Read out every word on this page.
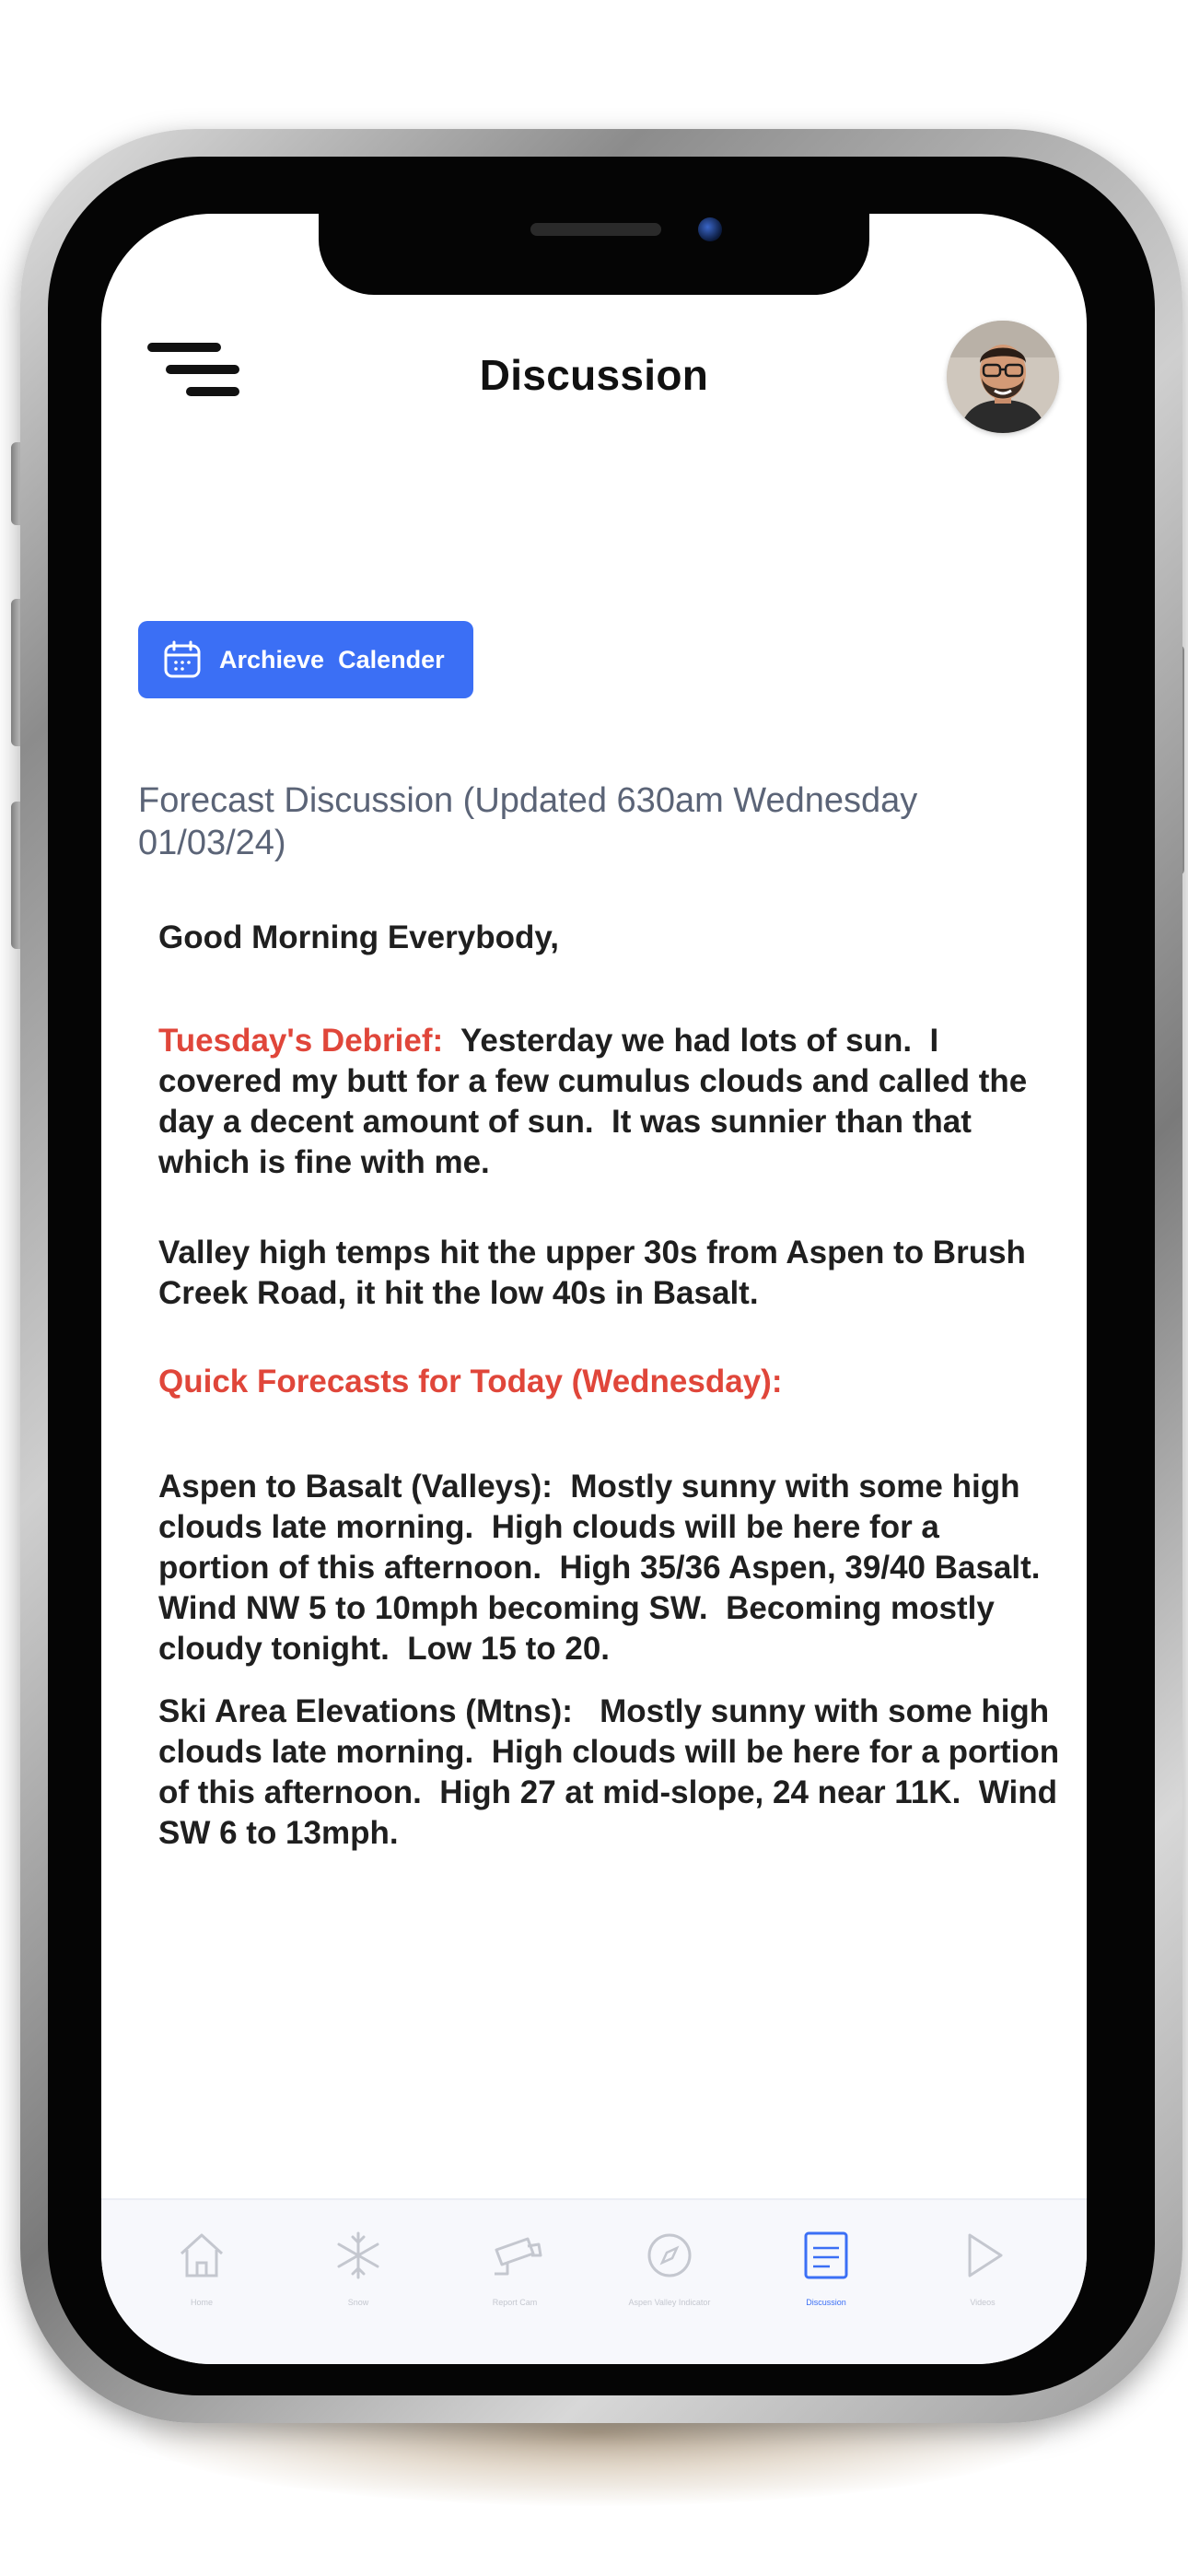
Discussion
Archieve  Calender
Forecast Discussion (Updated 630am Wednesday 01/03/24)
Good Morning Everybody,
Tuesday's Debrief:  Yesterday we had lots of sun.  I covered my butt for a few cumulus clouds and called the day a decent amount of sun.  It was sunnier than that which is fine with me.
Valley high temps hit the upper 30s from Aspen to Brush Creek Road, it hit the low 40s in Basalt.
Quick Forecasts for Today (Wednesday):
Aspen to Basalt (Valleys):  Mostly sunny with some high clouds late morning.  High clouds will be here for a portion of this afternoon.  High 35/36 Aspen, 39/40 Basalt.  Wind NW 5 to 10mph becoming SW.  Becoming mostly cloudy tonight.  Low 15 to 20.
Ski Area Elevations (Mtns):   Mostly sunny with some high clouds late morning.  High clouds will be here for a portion of this afternoon.  High 27 at mid-slope, 24 near 11K.  Wind SW 6 to 13mph.
Home	Snow	Report Cam	Aspen Valley Indicator	Discussion	Videos
